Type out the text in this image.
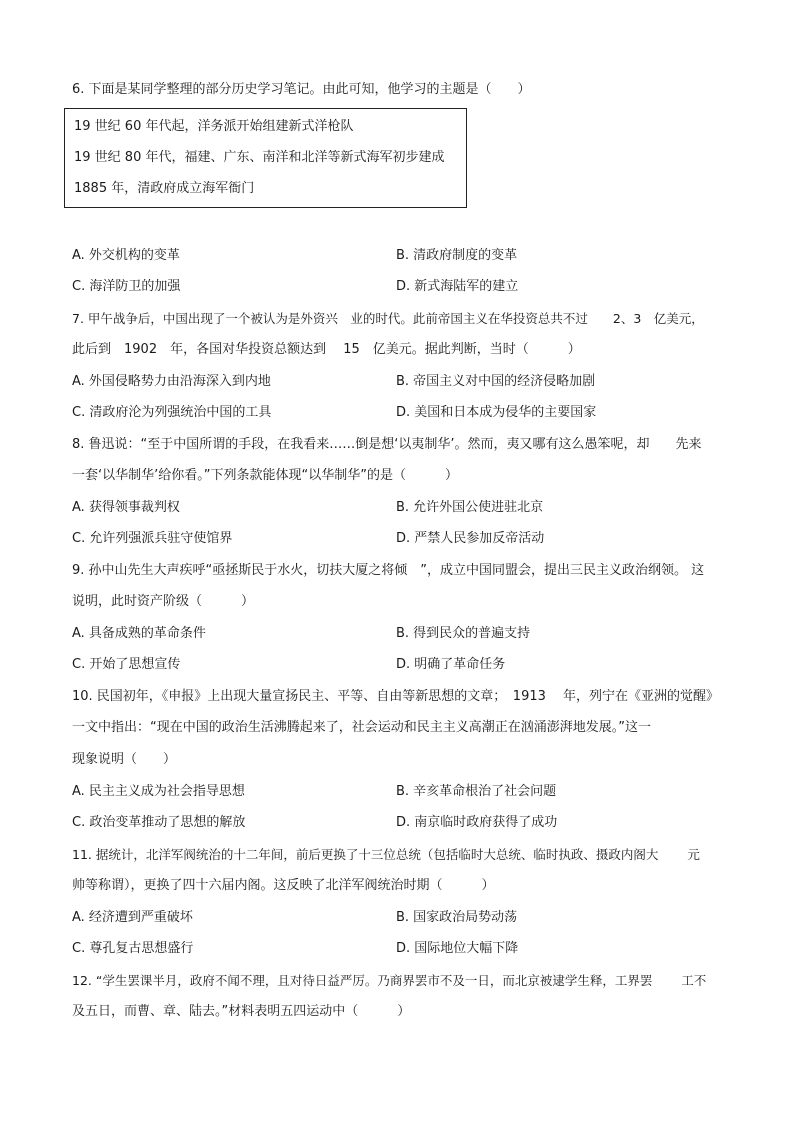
6. 下面是某同学整理的部分历史学习笔记。由此可知，他学习的主题是（　　）
19 世纪 60 年代起，洋务派开始组建新式洋枪队
19 世纪 80 年代，福建、广东、南洋和北洋等新式海军初步建成
1885 年，清政府成立海军衙门
A. 外交机构的变革	B. 清政府制度的变革
C. 海洋防卫的加强	D. 新式海陆军的建立
7. 甲午战争后，中国出现了一个被认为是外资兴　业的时代。此前帝国主义在华投资总共不过　　2、3　亿美元，
此后到　1902　年，各国对华投资总额达到　 15　亿美元。据此判断，当时（　　　）
A. 外国侵略势力由沿海深入到内地	B. 帝国主义对中国的经济侵略加剧
C. 清政府沦为列强统治中国的工具	D. 美国和日本成为侵华的主要国家
8. 鲁迅说：“至于中国所谓的手段，在我看来……倒是想‘以夷制华’。然而，夷又哪有这么愚笨呢，却　　先来
一套‘以华制华’给你看。”下列条款能体现“以华制华”的是（　　　）
A. 获得领事裁判权	B. 允许外国公使进驻北京
C. 允许列强派兵驻守使馆界	D. 严禁人民参加反帝活动
9. 孙中山先生大声疾呼“亟拯斯民于水火，切扶大厦之将倾　”，成立中国同盟会，提出三民主义政治纲领。 这
说明，此时资产阶级（　　　）
A. 具备成熟的革命条件	B. 得到民众的普遍支持
C. 开始了思想宣传	D. 明确了革命任务
10. 民国初年，《申报》上出现大量宣扬民主、平等、自由等新思想的文章；　1913　 年，列宁在《亚洲的觉醒》
一文中指出：“现在中国的政治生活沸腾起来了，社会运动和民主主义高潮正在汹涌澎湃地发展。”这一
现象说明（　　）
A. 民主主义成为社会指导思想	B. 辛亥革命根治了社会问题
C. 政治变革推动了思想的解放	D. 南京临时政府获得了成功
11. 据统计，北洋军阀统治的十二年间，前后更换了十三位总统（包括临时大总统、临时执政、摄政内阁大　　 元
帅等称谓），更换了四十六届内阁。这反映了北洋军阀统治时期（　　　）
A. 经济遭到严重破坏	B. 国家政治局势动荡
C. 尊孔复古思想盛行	D. 国际地位大幅下降
12. “学生罢课半月，政府不闻不理，且对待日益严厉。乃商界罢市不及一日，而北京被逮学生释，工界罢　　 工不
及五日，而曹、章、陆去。”材料表明五四运动中（　　　）
